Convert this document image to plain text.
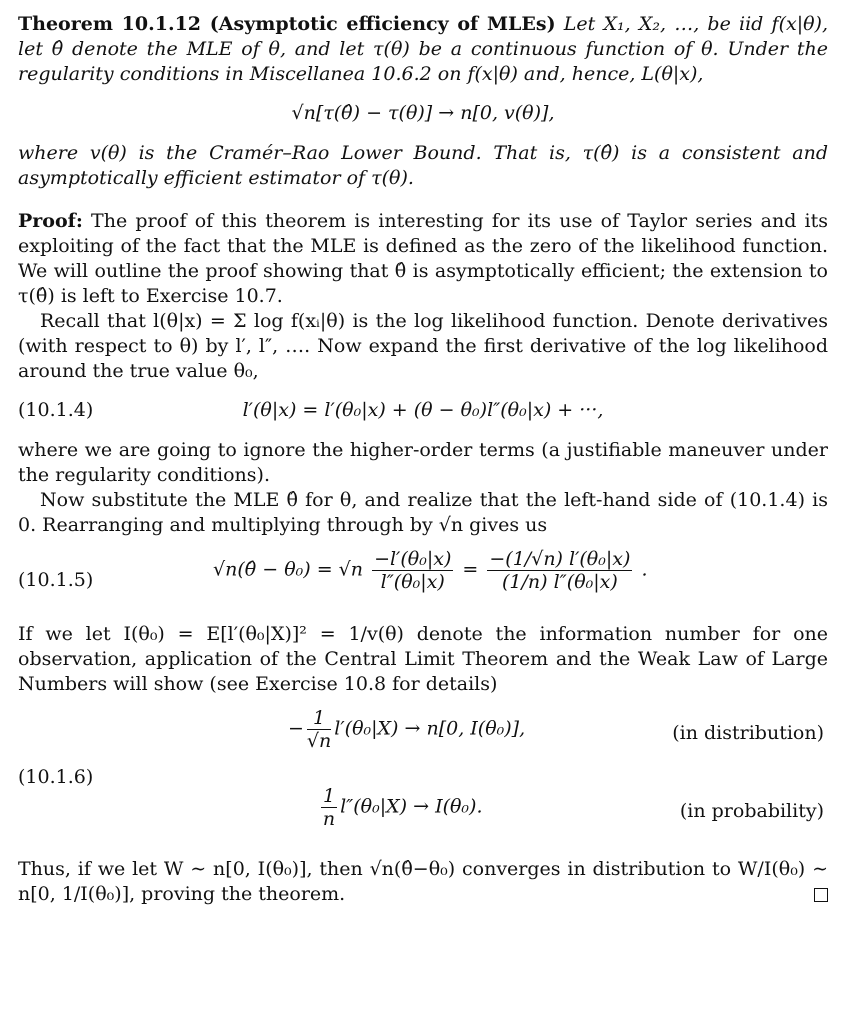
Theorem 10.1.12 (Asymptotic efficiency of MLEs) Let X₁, X₂, …, be iid f(x|θ), let θ̂ denote the MLE of θ, and let τ(θ) be a continuous function of θ. Under the regularity conditions in Miscellanea 10.6.2 on f(x|θ) and, hence, L(θ|x),

√n[τ(θ̂) − τ(θ)] → n[0, v(θ)],

where v(θ) is the Cramér–Rao Lower Bound. That is, τ(θ̂) is a consistent and asymptotically efficient estimator of τ(θ).

Proof: The proof of this theorem is interesting for its use of Taylor series and its exploiting of the fact that the MLE is defined as the zero of the likelihood function. We will outline the proof showing that θ̂ is asymptotically efficient; the extension to τ(θ̂) is left to Exercise 10.7.

Recall that l(θ|x) = Σ log f(xᵢ|θ) is the log likelihood function. Denote derivatives (with respect to θ) by l′, l″, …. Now expand the first derivative of the log likelihood around the true value θ₀,

(10.1.4)	l′(θ|x) = l′(θ₀|x) + (θ − θ₀)l″(θ₀|x) + ···,

where we are going to ignore the higher-order terms (a justifiable maneuver under the regularity conditions).

Now substitute the MLE θ̂ for θ, and realize that the left-hand side of (10.1.4) is 0. Rearranging and multiplying through by √n gives us

(10.1.5)	√n(θ̂ − $\theta_0) = √n \frac{\text{−l′(θ₀|x)}}{\text{l″(θ₀|x)}} = \frac{\text{−(1/√n) l′(θ₀|x)}}{\text{(1/n) l″(θ₀|x)}}$ .

If we let I(θ₀) = E[l′(θ₀|X)]² = 1/v(θ) denote the information number for one observation, application of the Central Limit Theorem and the Weak Law of Large Numbers will show (see Exercise 10.8 for details)

(10.1.6)
− $\frac{1}{√n} l'(\theta_0|X) \to n[0$, I(θ₀)],	(in distribution)
$\frac{1}{n} l''(\theta_0|X) \to I(\theta_0)$.	(in probability)

Thus, if we let W ∼ n[0, I(θ₀)], then √n(θ̂−θ₀) converges in distribution to W/I(θ₀) ∼ n[0, 1/I(θ₀)], proving the theorem.
